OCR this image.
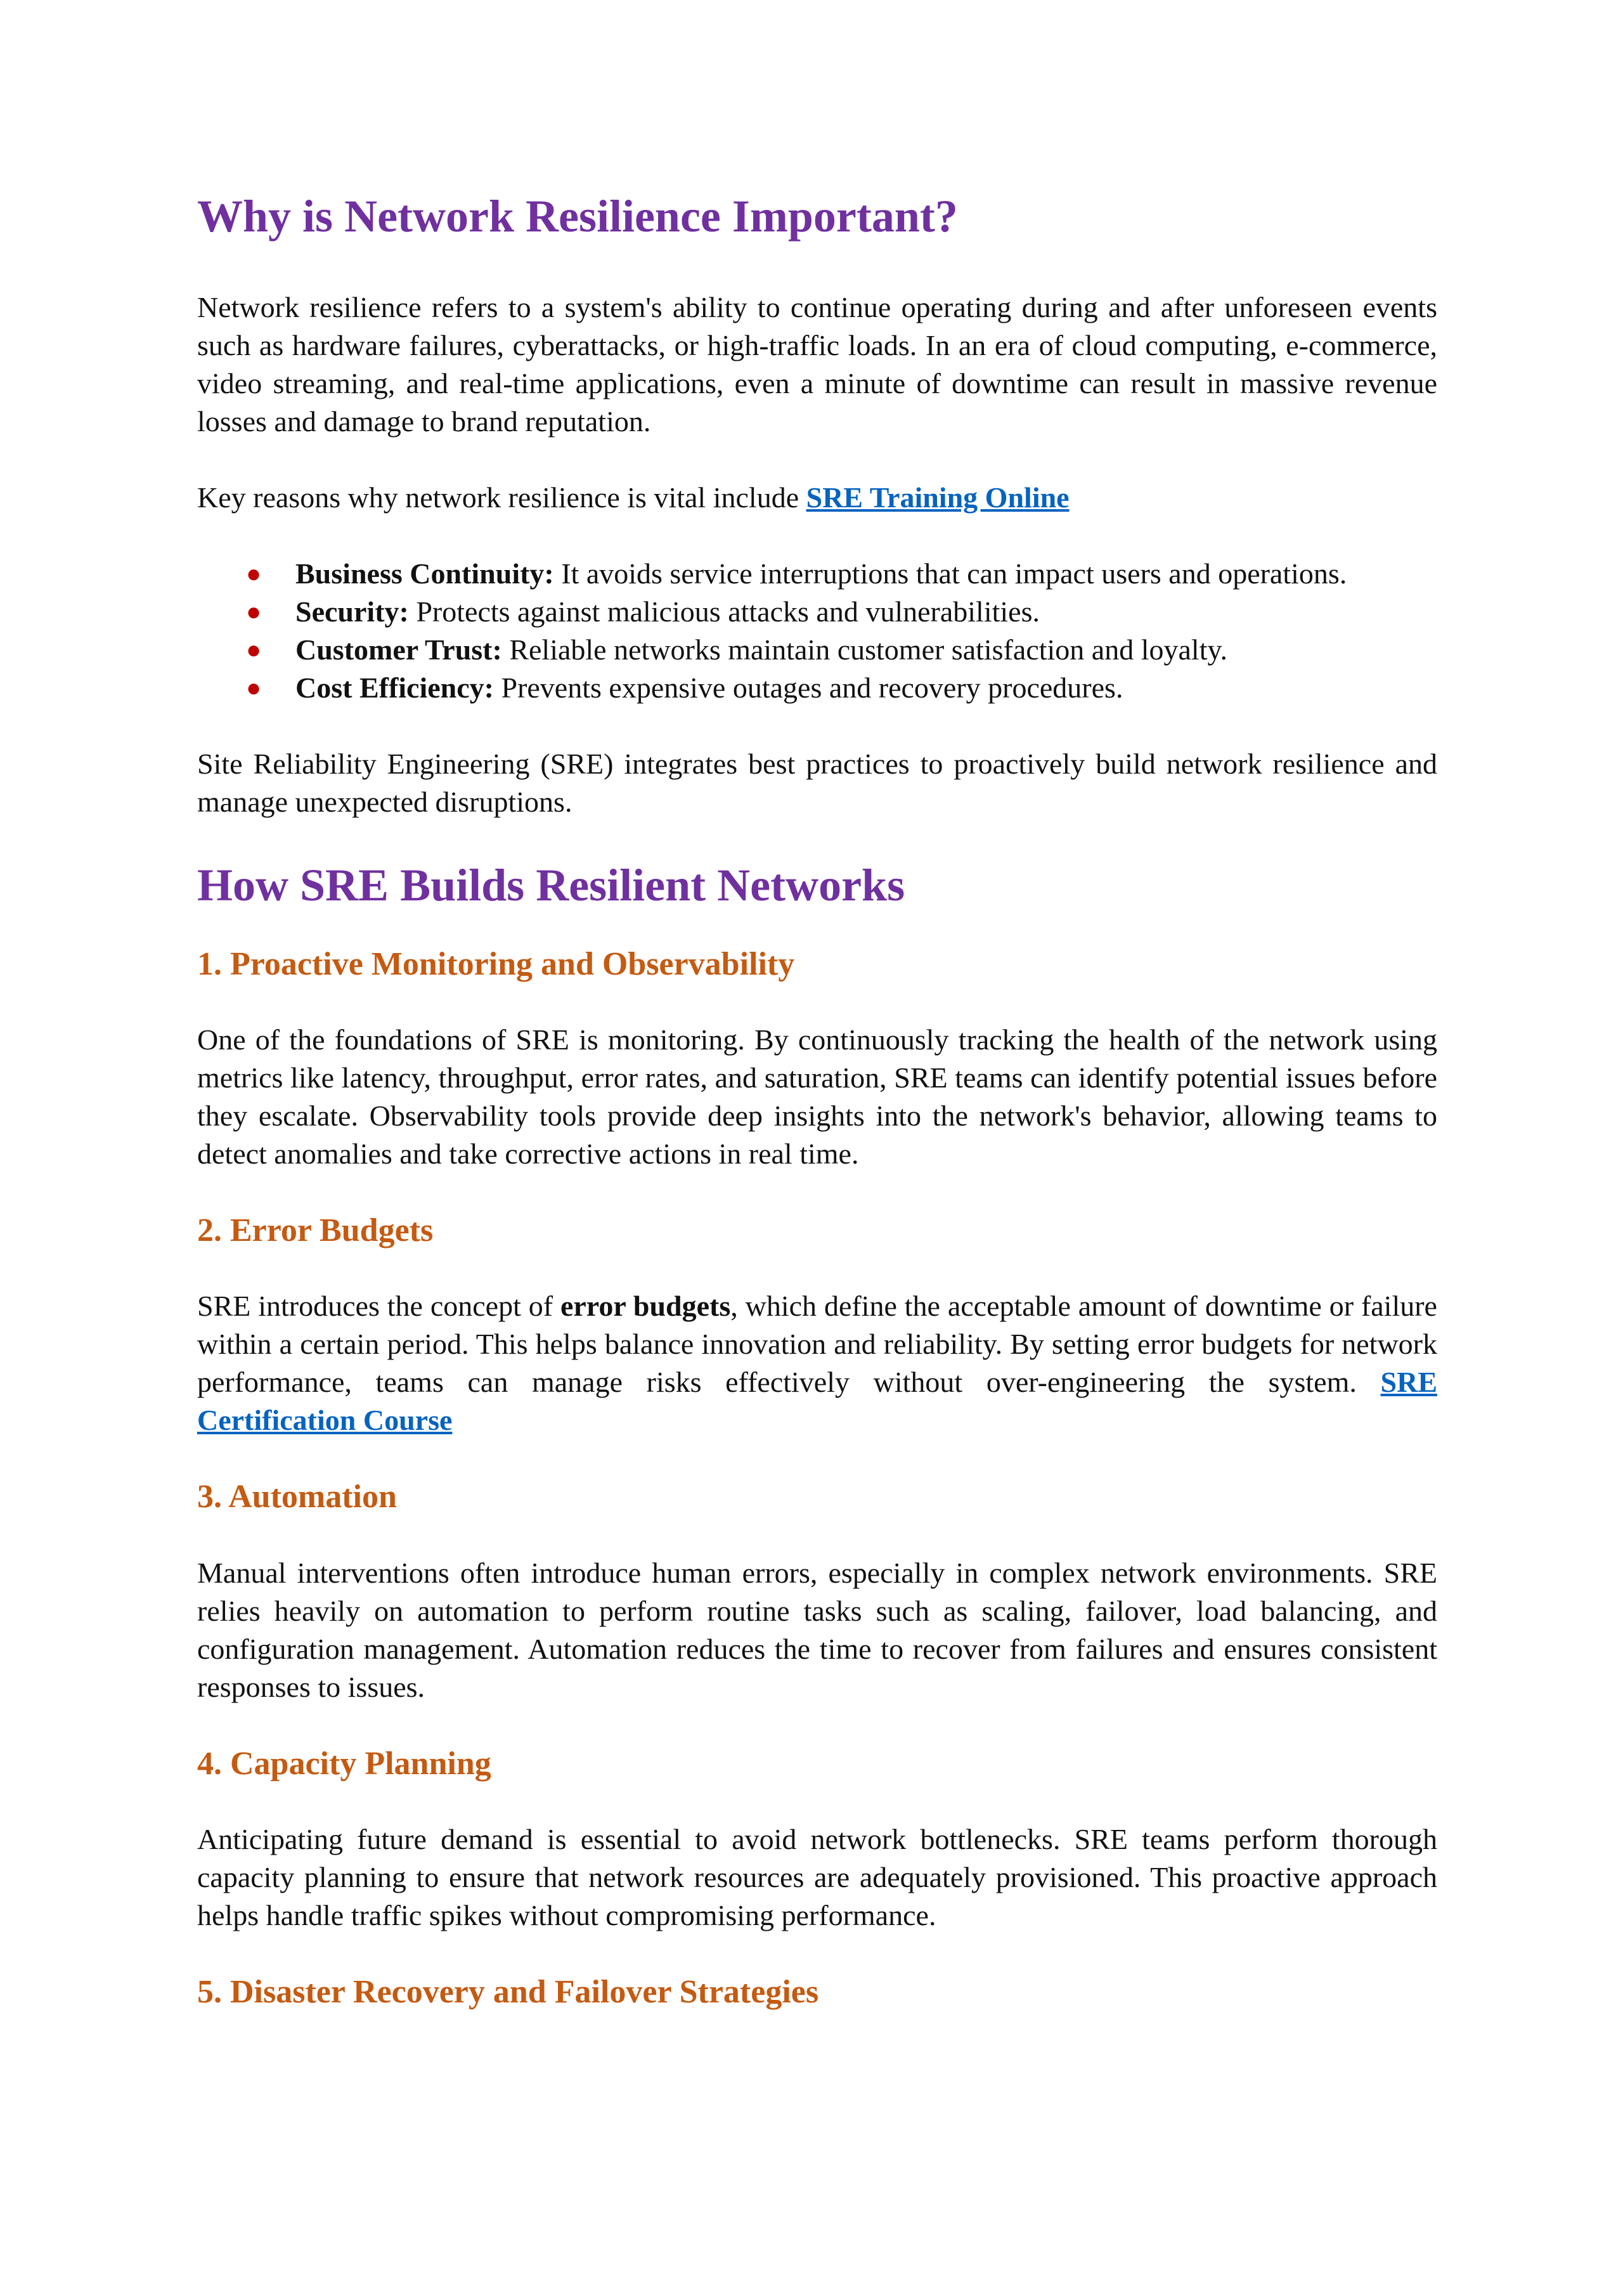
Why is Network Resilience Important?

Network resilience refers to a system's ability to continue operating during and after unforeseen events such as hardware failures, cyberattacks, or high-traffic loads. In an era of cloud computing, e-commerce, video streaming, and real-time applications, even a minute of downtime can result in massive revenue losses and damage to brand reputation.

Key reasons why network resilience is vital include SRE Training Online

● Business Continuity: It avoids service interruptions that can impact users and operations.
● Security: Protects against malicious attacks and vulnerabilities.
● Customer Trust: Reliable networks maintain customer satisfaction and loyalty.
● Cost Efficiency: Prevents expensive outages and recovery procedures.

Site Reliability Engineering (SRE) integrates best practices to proactively build network resilience and manage unexpected disruptions.

How SRE Builds Resilient Networks
1. Proactive Monitoring and Observability

One of the foundations of SRE is monitoring. By continuously tracking the health of the network using metrics like latency, throughput, error rates, and saturation, SRE teams can identify potential issues before they escalate. Observability tools provide deep insights into the network's behavior, allowing teams to detect anomalies and take corrective actions in real time.

2. Error Budgets

SRE introduces the concept of error budgets, which define the acceptable amount of downtime or failure within a certain period. This helps balance innovation and reliability. By setting error budgets for network performance, teams can manage risks effectively without over-engineering the system. SRE Certification Course

3. Automation

Manual interventions often introduce human errors, especially in complex network environments. SRE relies heavily on automation to perform routine tasks such as scaling, failover, load balancing, and configuration management. Automation reduces the time to recover from failures and ensures consistent responses to issues.

4. Capacity Planning

Anticipating future demand is essential to avoid network bottlenecks. SRE teams perform thorough capacity planning to ensure that network resources are adequately provisioned. This proactive approach helps handle traffic spikes without compromising performance.

5. Disaster Recovery and Failover Strategies
